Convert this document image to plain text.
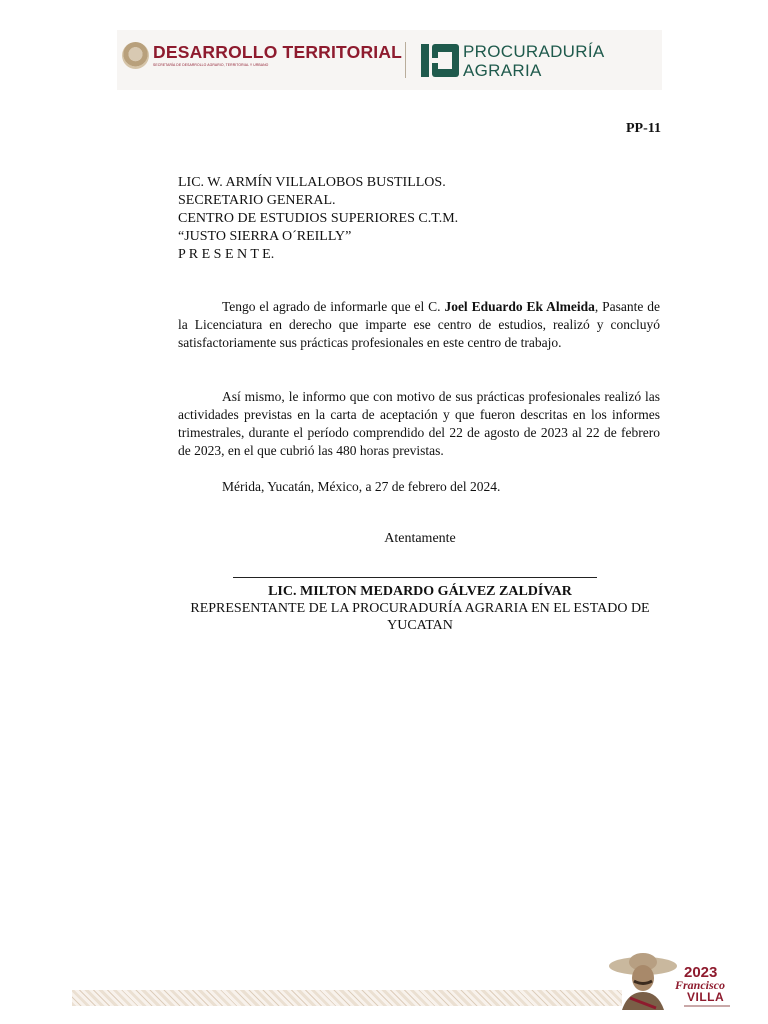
DESARROLLO TERRITORIAL
SECRETARÍA DE DESARROLLO AGRARIO, TERRITORIAL Y URBANO
PROCURADURÍA
AGRARIA
PP-11
LIC. W. ARMÍN VILLALOBOS BUSTILLOS.
SECRETARIO GENERAL.
CENTRO DE ESTUDIOS SUPERIORES C.T.M.
“JUSTO SIERRA O´REILLY”
P R E S E N T E.
Tengo el agrado de informarle que el C. Joel Eduardo Ek Almeida, Pasante de la Licenciatura en derecho que imparte ese centro de estudios, realizó y concluyó satisfactoriamente sus prácticas profesionales en este centro de trabajo.
Así mismo, le informo que con motivo de sus prácticas profesionales realizó las actividades previstas en la carta de aceptación y que fueron descritas en los informes trimestrales, durante el período comprendido del 22 de agosto de 2023 al 22 de febrero de 2023, en el que cubrió las 480 horas previstas.
Mérida, Yucatán, México, a 27 de febrero del 2024.
Atentamente
LIC. MILTON MEDARDO GÁLVEZ ZALDÍVAR
REPRESENTANTE DE LA PROCURADURÍA AGRARIA EN EL ESTADO DE YUCATAN
2023
Francisco
VILLA
